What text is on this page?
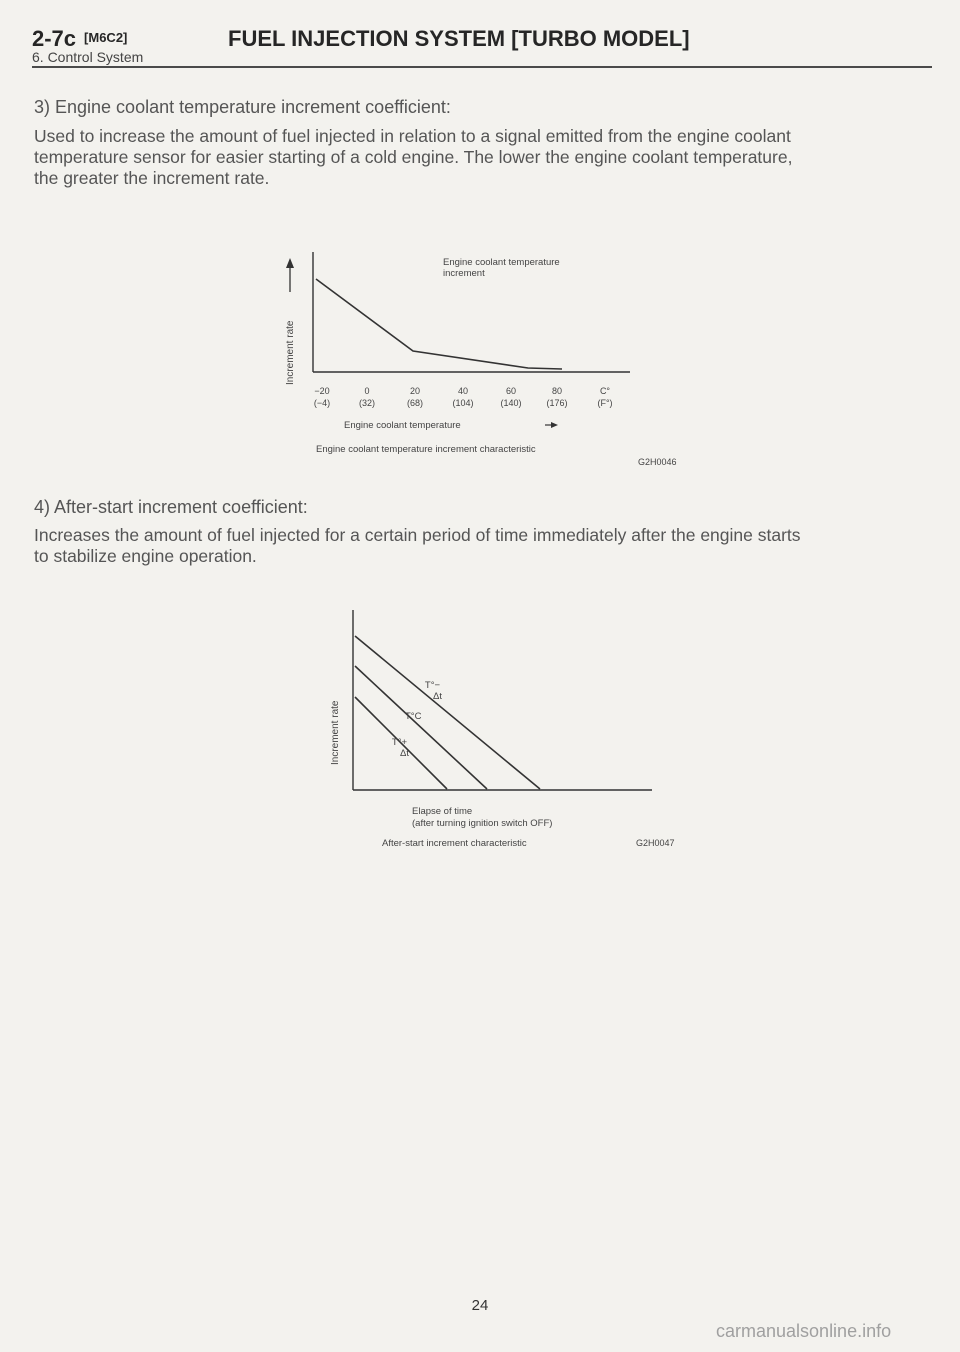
2-7c [M6C2]	FUEL INJECTION SYSTEM [TURBO MODEL]
6. Control System
3) Engine coolant temperature increment coefficient:
Used to increase the amount of fuel injected in relation to a signal emitted from the engine coolant
temperature sensor for easier starting of a cold engine. The lower the engine coolant temperature,
the greater the increment rate.
Engine coolant temperature
increment
Increment rate
−20	0	20	40	60	80
(−4)	(32)	(68)	(104)	(140)	(176)
C°
(F°)
Engine coolant temperature
Engine coolant temperature increment characteristic
G2H0046
4) After-start increment coefficient:
Increases the amount of fuel injected for a certain period of time immediately after the engine starts
to stabilize engine operation.
Increment rate
T°−
Δt
T°C
T°+
Δt
Elapse of time
(after turning ignition switch OFF)
After-start increment characteristic	G2H0047
24
carmanualsonline.info
